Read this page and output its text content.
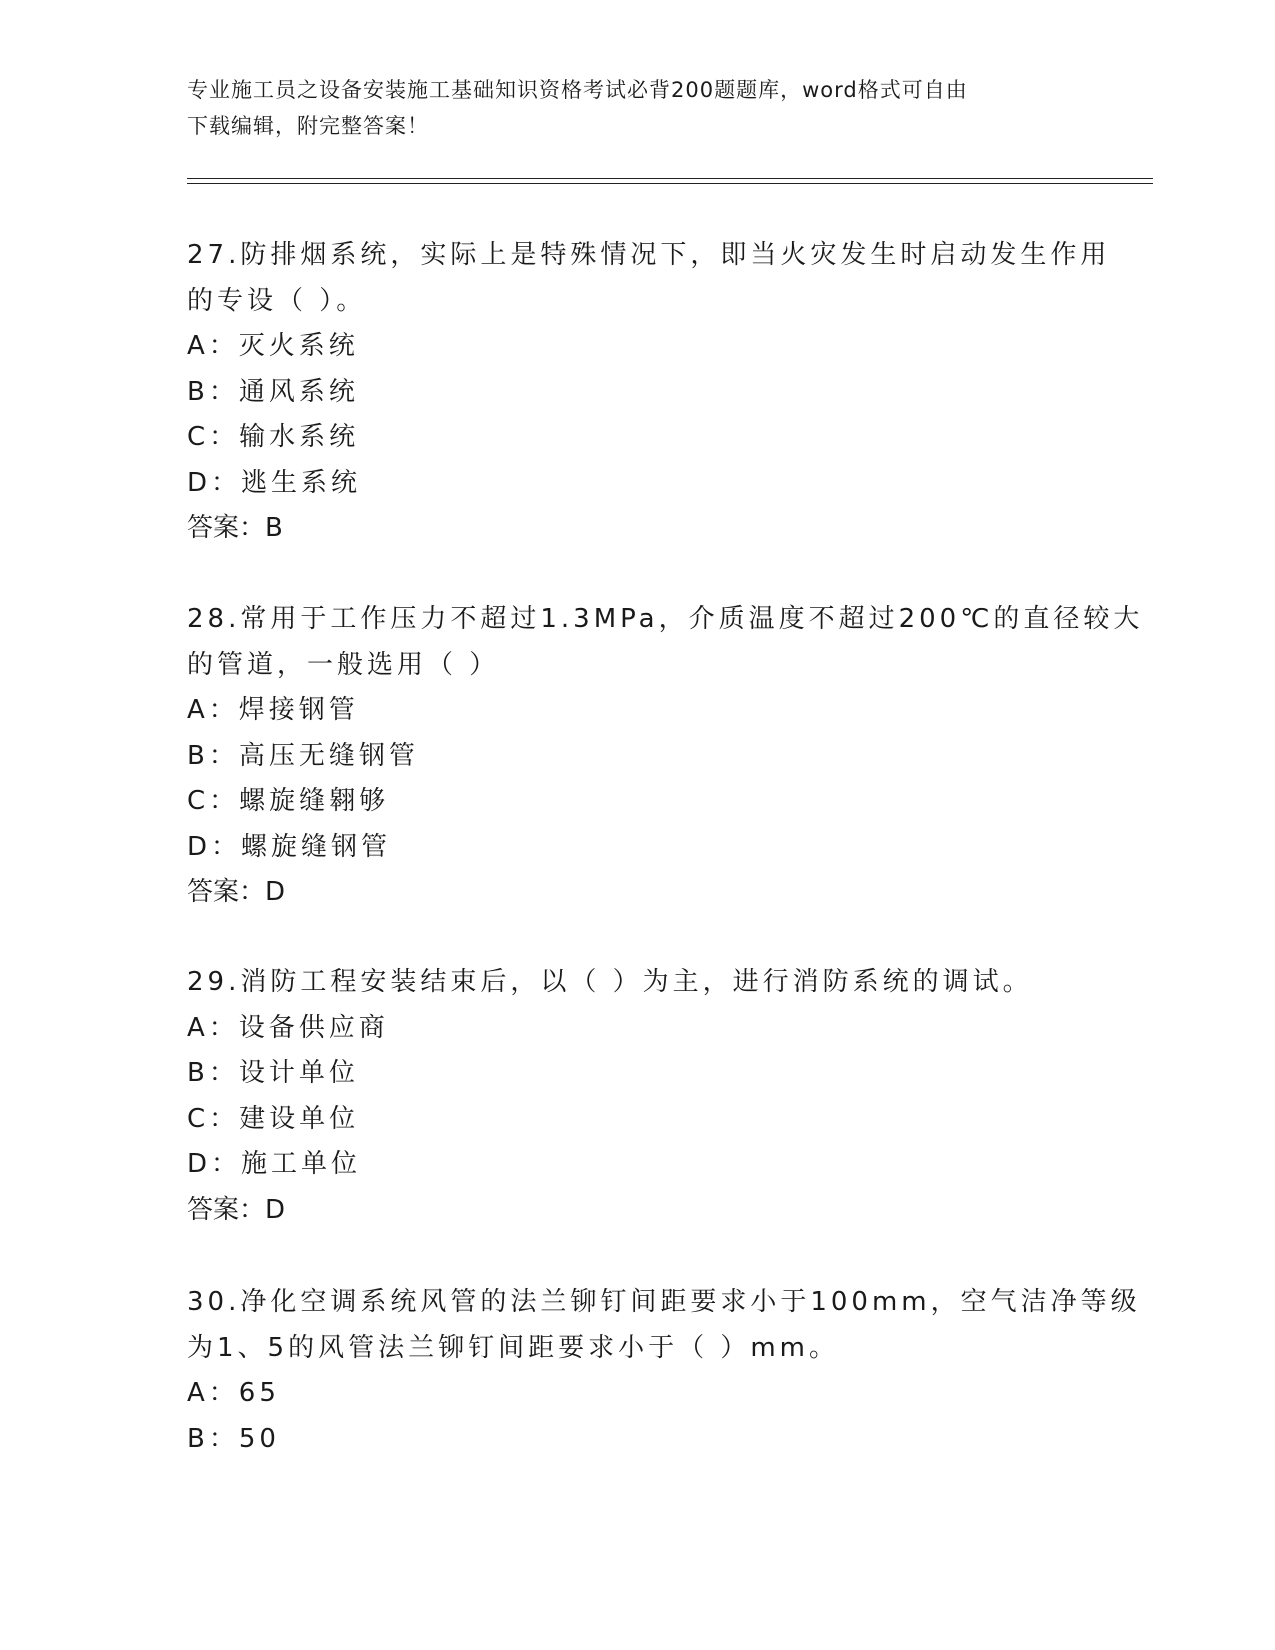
专业施工员之设备安装施工基础知识资格考试必背200题题库，word格式可自由
下载编辑，附完整答案！
27.防排烟系统，实际上是特殊情况下，即当火灾发生时启动发生作用
的专设（ ）。
A：灭火系统
B：通风系统
C：输水系统
D：逃生系统
答案：B
28.常用于工作压力不超过1.3MPa，介质温度不超过200℃的直径较大
的管道，一般选用（ ）
A：焊接钢管
B：高压无缝钢管
C：螺旋缝翱够
D：螺旋缝钢管
答案：D
29.消防工程安装结束后，以（ ）为主，进行消防系统的调试。
A：设备供应商
B：设计单位
C：建设单位
D：施工单位
答案：D
30.净化空调系统风管的法兰铆钉间距要求小于100mm，空气洁净等级
为1、5的风管法兰铆钉间距要求小于（ ）mm。
A：65
B：50
